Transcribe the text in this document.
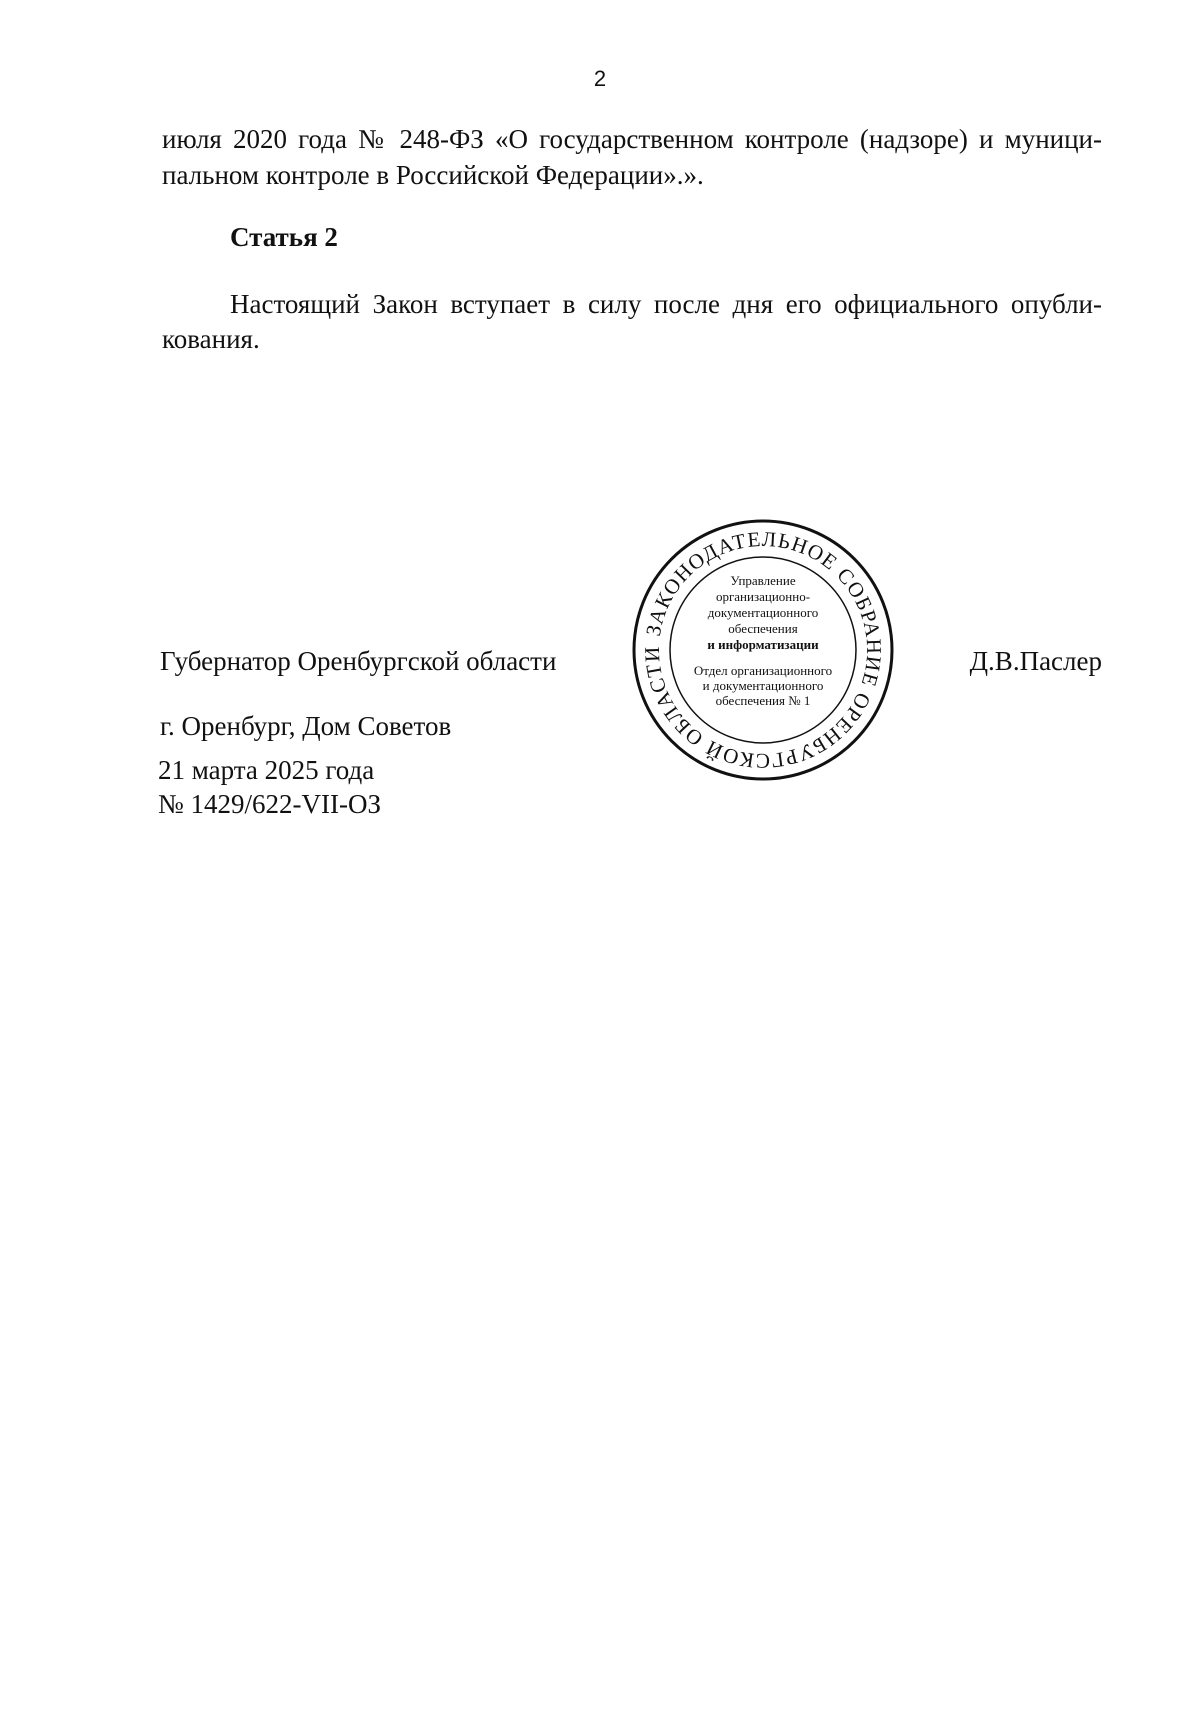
2
июля 2020 года № 248-ФЗ «О государственном контроле (надзоре) и муници-
пальном контроле в Российской Федерации».».
Статья 2
Настоящий Закон вступает в силу после дня его официального опубли-
кования.
Губернатор Оренбургской области	Д.В.Паслер
г. Оренбург, Дом Советов
21 марта 2025 года
№ 1429/622-VII-ОЗ
ЗАКОНОДАТЕЛЬНОЕ СОБРАНИЕ ОРЕНБУРГСКОЙ ОБЛАСТИ
Управление
организационно-
документационного
обеспечения
и информатизации
Отдел организационного
и документационного
обеспечения № 1
